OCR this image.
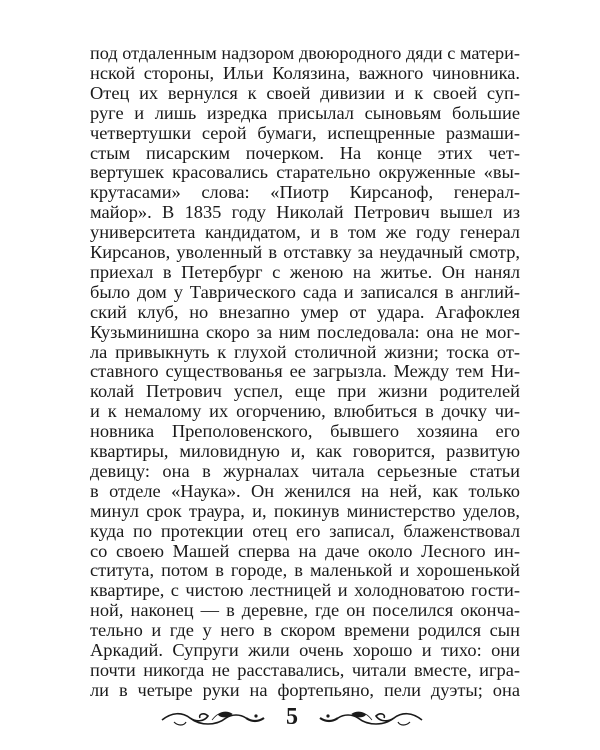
под отдаленным надзором двоюродного дяди с матери-
нской стороны, Ильи Колязина, важного чиновника.
Отец их вернулся к своей дивизии и к своей суп-
руге и лишь изредка присылал сыновьям большие
четвертушки серой бумаги, испещренные размаши-
стым писарским почерком. На конце этих чет-
вертушек красовались старательно окруженные «вы-
крутасами» слова: «Пиотр Кирсаноф, генерал-
майор». В 1835 году Николай Петрович вышел из
университета кандидатом, и в том же году генерал
Кирсанов, уволенный в отставку за неудачный смотр,
приехал в Петербург с женою на житье. Он нанял
было дом у Таврического сада и записался в англий-
ский клуб, но внезапно умер от удара. Агафоклея
Кузьминишна скоро за ним последовала: она не мог-
ла привыкнуть к глухой столичной жизни; тоска от-
ставного существованья ее загрызла. Между тем Ни-
колай Петрович успел, еще при жизни родителей
и к немалому их огорчению, влюбиться в дочку чи-
новника Преполовенского, бывшего хозяина его
квартиры, миловидную и, как говорится, развитую
девицу: она в журналах читала серьезные статьи
в отделе «Наука». Он женился на ней, как только
минул срок траура, и, покинув министерство уделов,
куда по протекции отец его записал, блаженствовал
со своею Машей сперва на даче около Лесного ин-
ститута, потом в городе, в маленькой и хорошенькой
квартире, с чистою лестницей и холодноватою гости-
ной, наконец — в деревне, где он поселился оконча-
тельно и где у него в скором времени родился сын
Аркадий. Супруги жили очень хорошо и тихо: они
почти никогда не расставались, читали вместе, игра-
ли в четыре руки на фортепьяно, пели дуэты; она
5
